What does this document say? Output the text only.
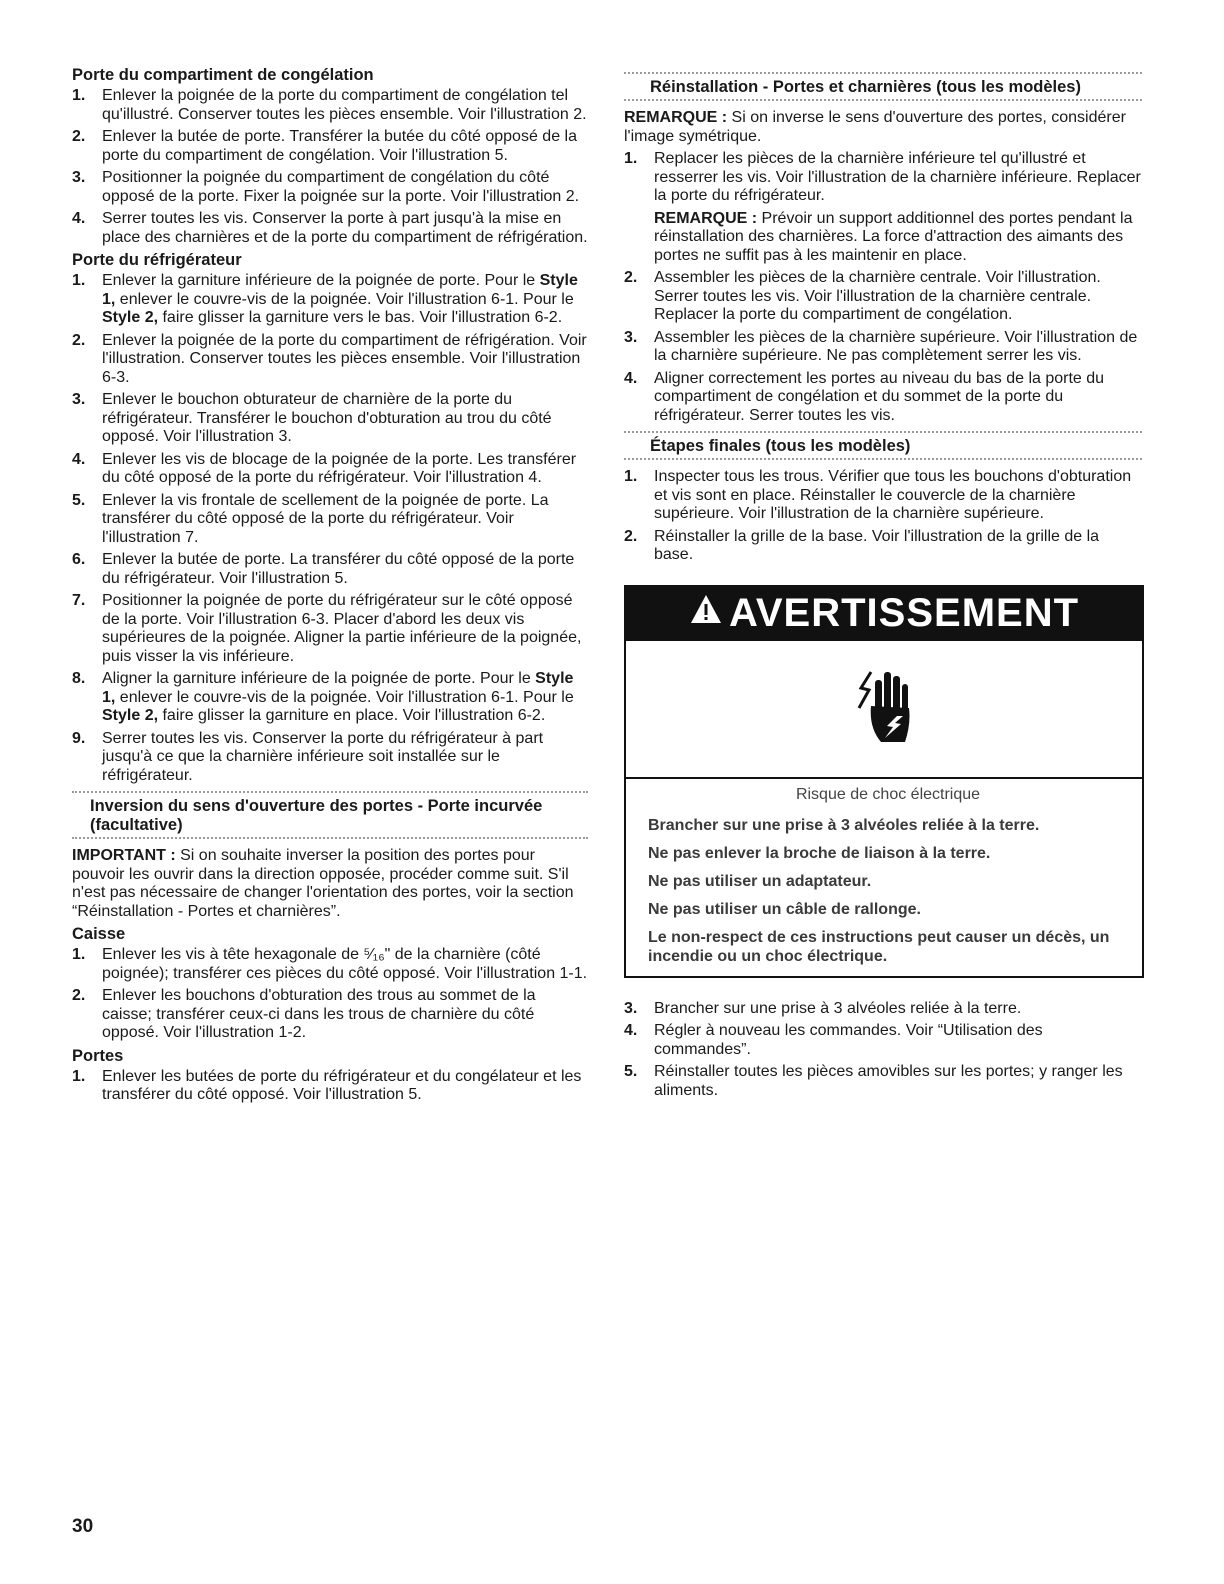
Porte du compartiment de congélation
1. Enlever la poignée de la porte du compartiment de congélation tel qu'illustré. Conserver toutes les pièces ensemble. Voir l'illustration 2.
2. Enlever la butée de porte. Transférer la butée du côté opposé de la porte du compartiment de congélation. Voir l'illustration 5.
3. Positionner la poignée du compartiment de congélation du côté opposé de la porte. Fixer la poignée sur la porte. Voir l'illustration 2.
4. Serrer toutes les vis. Conserver la porte à part jusqu'à la mise en place des charnières et de la porte du compartiment de réfrigération.
Porte du réfrigérateur
1. Enlever la garniture inférieure de la poignée de porte. Pour le Style 1, enlever le couvre-vis de la poignée. Voir l'illustration 6-1. Pour le Style 2, faire glisser la garniture vers le bas. Voir l'illustration 6-2.
2. Enlever la poignée de la porte du compartiment de réfrigération. Voir l'illustration. Conserver toutes les pièces ensemble. Voir l'illustration 6-3.
3. Enlever le bouchon obturateur de charnière de la porte du réfrigérateur. Transférer le bouchon d'obturation au trou du côté opposé. Voir l'illustration 3.
4. Enlever les vis de blocage de la poignée de la porte. Les transférer du côté opposé de la porte du réfrigérateur. Voir l'illustration 4.
5. Enlever la vis frontale de scellement de la poignée de porte. La transférer du côté opposé de la porte du réfrigérateur. Voir l'illustration 7.
6. Enlever la butée de porte. La transférer du côté opposé de la porte du réfrigérateur. Voir l'illustration 5.
7. Positionner la poignée de porte du réfrigérateur sur le côté opposé de la porte. Voir l'illustration 6-3. Placer d'abord les deux vis supérieures de la poignée. Aligner la partie inférieure de la poignée, puis visser la vis inférieure.
8. Aligner la garniture inférieure de la poignée de porte. Pour le Style 1, enlever le couvre-vis de la poignée. Voir l'illustration 6-1. Pour le Style 2, faire glisser la garniture en place. Voir l'illustration 6-2.
9. Serrer toutes les vis. Conserver la porte du réfrigérateur à part jusqu'à ce que la charnière inférieure soit installée sur le réfrigérateur.
Inversion du sens d'ouverture des portes - Porte incurvée (facultative)
IMPORTANT : Si on souhaite inverser la position des portes pour pouvoir les ouvrir dans la direction opposée, procéder comme suit. S'il n'est pas nécessaire de changer l'orientation des portes, voir la section “Réinstallation - Portes et charnières”.
Caisse
1. Enlever les vis à tête hexagonale de ⁵⁄₁₆" de la charnière (côté poignée); transférer ces pièces du côté opposé. Voir l'illustration 1-1.
2. Enlever les bouchons d'obturation des trous au sommet de la caisse; transférer ceux-ci dans les trous de charnière du côté opposé. Voir l'illustration 1-2.
Portes
1. Enlever les butées de porte du réfrigérateur et du congélateur et les transférer du côté opposé. Voir l'illustration 5.
Réinstallation - Portes et charnières (tous les modèles)
REMARQUE : Si on inverse le sens d'ouverture des portes, considérer l'image symétrique.
1. Replacer les pièces de la charnière inférieure tel qu'illustré et resserrer les vis. Voir l'illustration de la charnière inférieure. Replacer la porte du réfrigérateur.
REMARQUE : Prévoir un support additionnel des portes pendant la réinstallation des charnières. La force d'attraction des aimants des portes ne suffit pas à les maintenir en place.
2. Assembler les pièces de la charnière centrale. Voir l'illustration. Serrer toutes les vis. Voir l'illustration de la charnière centrale. Replacer la porte du compartiment de congélation.
3. Assembler les pièces de la charnière supérieure. Voir l'illustration de la charnière supérieure. Ne pas complètement serrer les vis.
4. Aligner correctement les portes au niveau du bas de la porte du compartiment de congélation et du sommet de la porte du réfrigérateur. Serrer toutes les vis.
Étapes finales (tous les modèles)
1. Inspecter tous les trous. Vérifier que tous les bouchons d'obturation et vis sont en place. Réinstaller le couvercle de la charnière supérieure. Voir l'illustration de la charnière supérieure.
2. Réinstaller la grille de la base. Voir l'illustration de la grille de la base.
AVERTISSEMENT
Risque de choc électrique
Brancher sur une prise à 3 alvéoles reliée à la terre.
Ne pas enlever la broche de liaison à la terre.
Ne pas utiliser un adaptateur.
Ne pas utiliser un câble de rallonge.
Le non-respect de ces instructions peut causer un décès, un incendie ou un choc électrique.
3. Brancher sur une prise à 3 alvéoles reliée à la terre.
4. Régler à nouveau les commandes. Voir “Utilisation des commandes”.
5. Réinstaller toutes les pièces amovibles sur les portes; y ranger les aliments.
30
